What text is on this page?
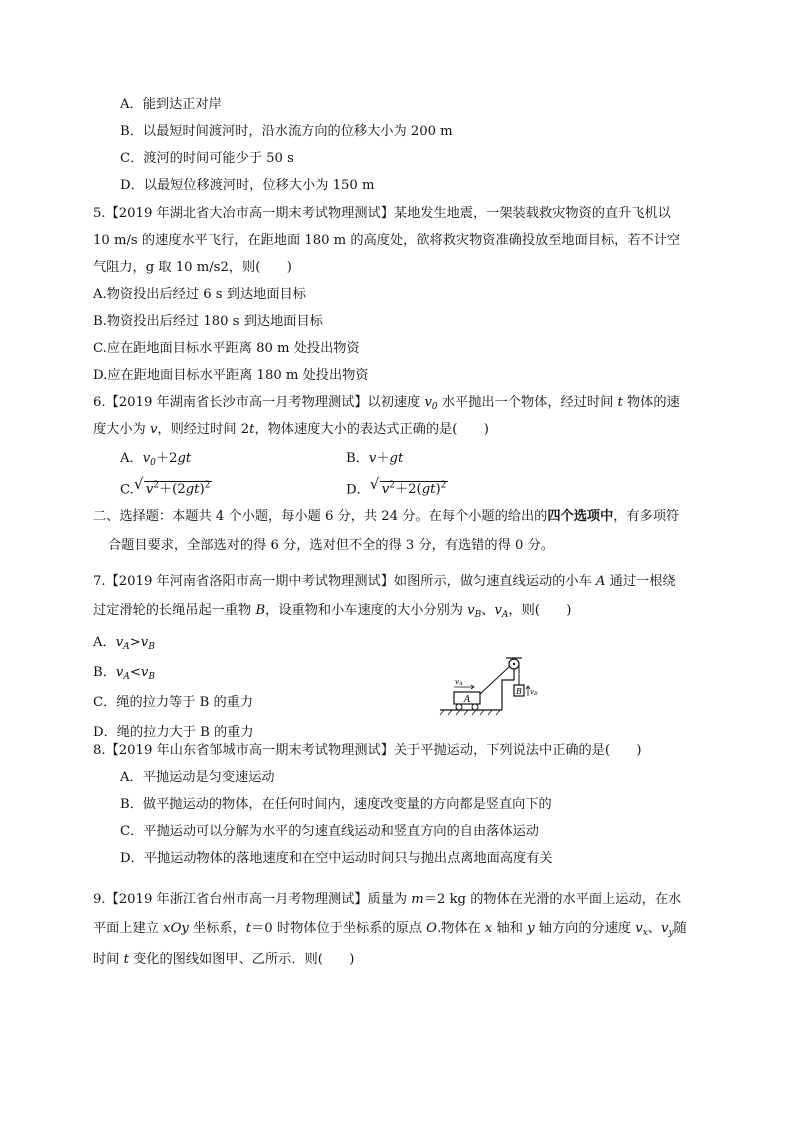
A．能到达正对岸
B．以最短时间渡河时，沿水流方向的位移大小为 200 m
C．渡河的时间可能少于 50 s
D．以最短位移渡河时，位移大小为 150 m
5.【2019 年湖北省大冶市高一期末考试物理测试】某地发生地震，一架装载救灾物资的直升飞机以
10 m/s 的速度水平飞行，在距地面 180 m 的高度处，欲将救灾物资准确投放至地面目标，若不计空
气阻力，g 取 10 m/s2，则(　　)
A.物资投出后经过 6 s 到达地面目标
B.物资投出后经过 180 s 到达地面目标
C.应在距地面目标水平距离 80 m 处投出物资
D.应在距地面目标水平距离 180 m 处投出物资
6.【2019 年湖南省长沙市高一月考物理测试】以初速度 $v_0$ 水平抛出一个物体，经过时间 t 物体的速
度大小为 v，则经过时间 2t，物体速度大小的表达式正确的是(　　)
A．$v_0+2gt$	B．v＋gt
C. √ $v^2+(2gt)^2$	D． √ $v^2+2(gt)^2$
二、选择题：本题共 4 个小题，每小题 6 分，共 24 分。在每个小题的给出的四个选项中，有多项符
合题目要求，全部选对的得 6 分，选对但不全的得 3 分，有选错的得 0 分。
7.【2019 年河南省洛阳市高一期中考试物理测试】如图所示，做匀速直线运动的小车 A 通过一根绕
过定滑轮的长绳吊起一重物 B，设重物和小车速度的大小分别为 $v_B$、$v_A$，则(　　)
A．$v_A>v_B$
B．$v_A<v_B$
C．绳的拉力等于 B 的重力
D．绳的拉力大于 B 的重力
A
vA
B vB
8.【2019 年山东省邹城市高一期末考试物理测试】关于平抛运动，下列说法中正确的是(　　)
A．平抛运动是匀变速运动
B．做平抛运动的物体，在任何时间内，速度改变量的方向都是竖直向下的
C．平抛运动可以分解为水平的匀速直线运动和竖直方向的自由落体运动
D．平抛运动物体的落地速度和在空中运动时间只与抛出点离地面高度有关
9.【2019 年浙江省台州市高一月考物理测试】质量为 m＝2 kg 的物体在光滑的水平面上运动，在水
平面上建立 xOy 坐标系，t＝0 时物体位于坐标系的原点 O.物体在 x 轴和 y 轴方向的分速度 $v_x$、$v_y$随
时间 t 变化的图线如图甲、乙所示．则(　　)
